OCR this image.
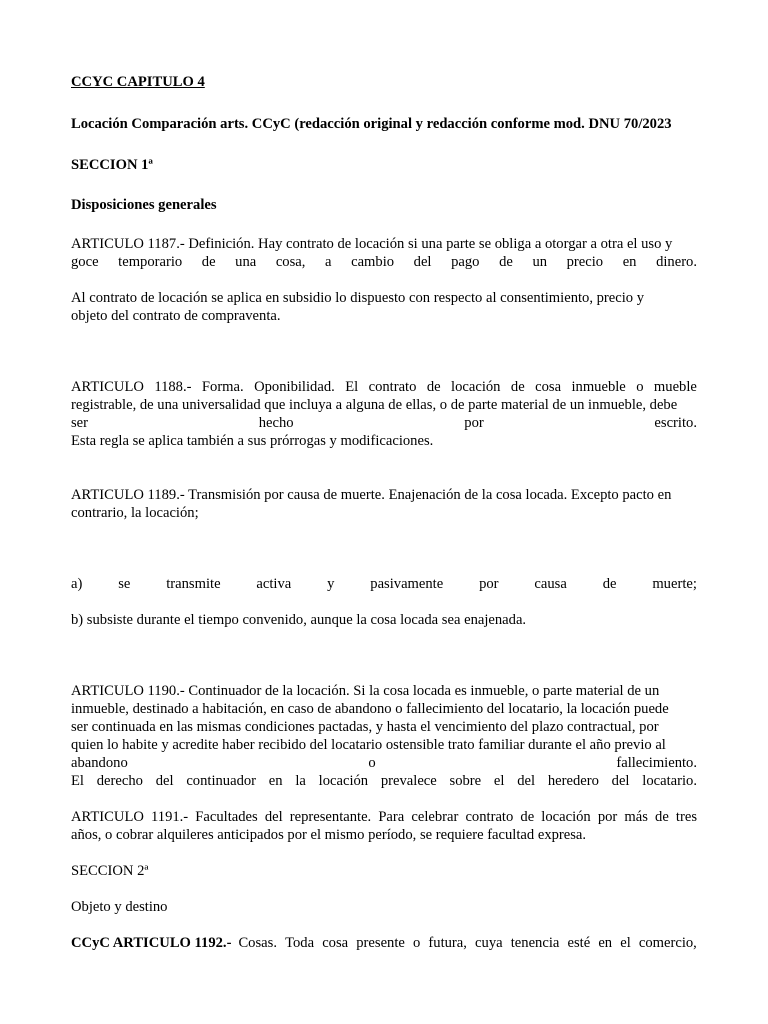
CCYC CAPITULO 4
Locación Comparación arts. CCyC (redacción original y redacción conforme mod. DNU 70/2023
SECCION 1ª
Disposiciones generales
ARTICULO 1187.- Definición. Hay contrato de locación si una parte se obliga a otorgar a otra el uso y
goce temporario de una cosa, a cambio del pago de un precio en dinero.
Al contrato de locación se aplica en subsidio lo dispuesto con respecto al consentimiento, precio y
objeto del contrato de compraventa.
ARTICULO 1188.- Forma. Oponibilidad. El contrato de locación de cosa inmueble o mueble
registrable, de una universalidad que incluya a alguna de ellas, o de parte material de un inmueble, debe
ser	hecho	por	escrito.
Esta regla se aplica también a sus prórrogas y modificaciones.
ARTICULO 1189.- Transmisión por causa de muerte. Enajenación de la cosa locada. Excepto pacto en
contrario, la locación;
a) se transmite activa y pasivamente por causa de muerte;
b) subsiste durante el tiempo convenido, aunque la cosa locada sea enajenada.
ARTICULO 1190.- Continuador de la locación. Si la cosa locada es inmueble, o parte material de un
inmueble, destinado a habitación, en caso de abandono o fallecimiento del locatario, la locación puede
ser continuada en las mismas condiciones pactadas, y hasta el vencimiento del plazo contractual, por
quien lo habite y acredite haber recibido del locatario ostensible trato familiar durante el año previo al
abandono	o	fallecimiento.
El derecho del continuador en la locación prevalece sobre el del heredero del locatario.
ARTICULO 1191.- Facultades del representante. Para celebrar contrato de locación por más de tres
años, o cobrar alquileres anticipados por el mismo período, se requiere facultad expresa.
SECCION 2ª
Objeto y destino
CCyC ARTICULO 1192.- Cosas. Toda cosa presente o futura, cuya tenencia esté en el comercio,
